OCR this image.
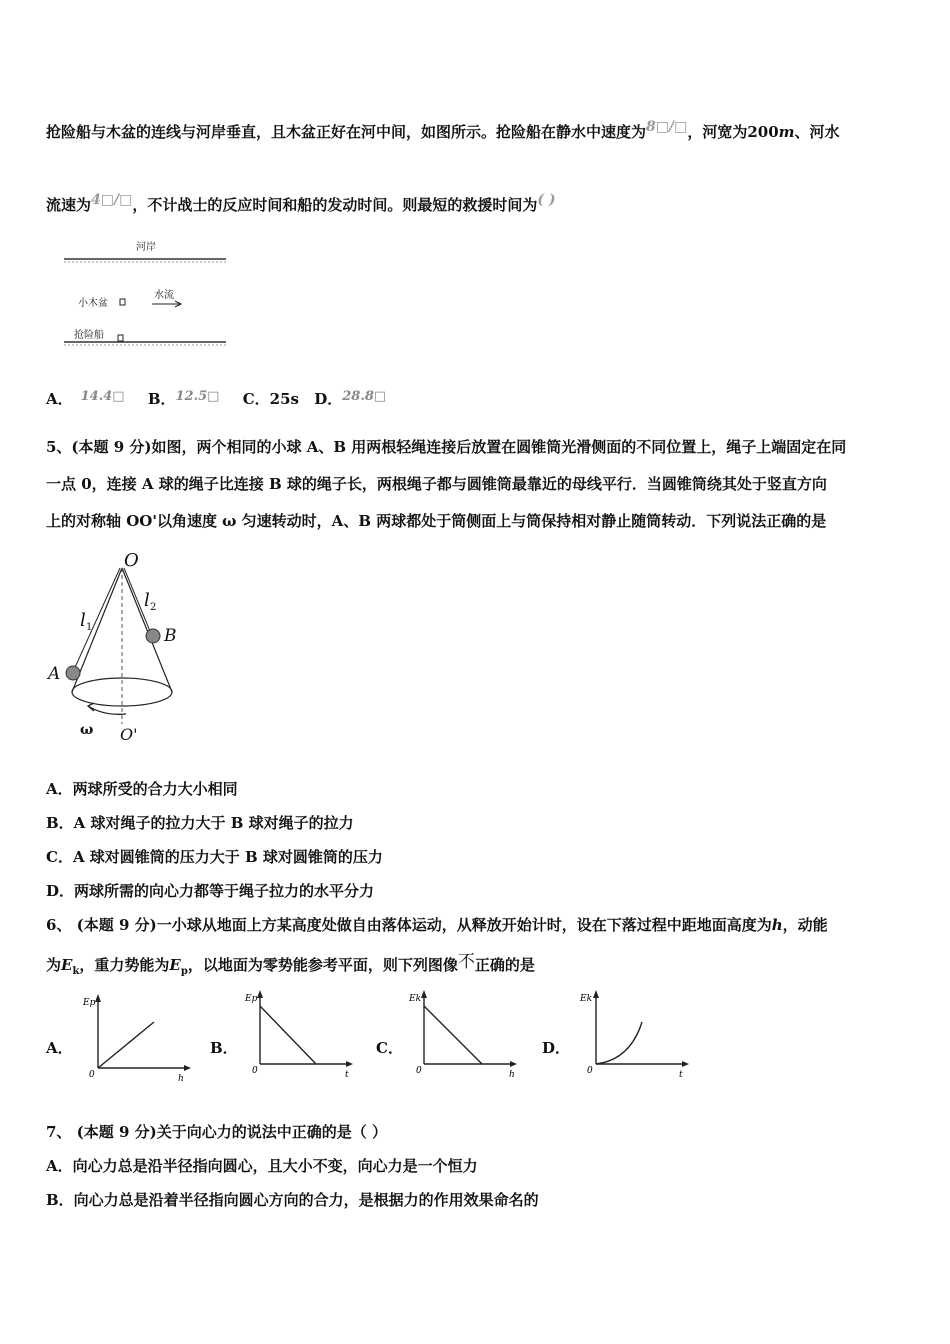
抢险船与木盆的连线与河岸垂直，且木盆正好在河中间，如图所示。抢险船在静水中速度为8□/□，河宽为200m、河水
流速为4□/□，不计战士的反应时间和船的发动时间。则最短的救援时间为( )
河岸
小木盆
水流
抢险船
A． 14.4□ B．12.5□ C．25s D．28.8□
5、(本题 9 分)如图，两个相同的小球 A、B 用两根轻绳连接后放置在圆锥筒光滑侧面的不同位置上，绳子上端固定在同
一点 0，连接 A 球的绳子比连接 B 球的绳子长，两根绳子都与圆锥筒最靠近的母线平行．当圆锥筒绕其处于竖直方向
上的对称轴 OO'以角速度 ω 匀速转动时，A、B 两球都处于筒侧面上与筒保持相对静止随筒转动．下列说法正确的是
O
A
B
l 1
l 2
ω O'
A．两球所受的合力大小相同
B．A 球对绳子的拉力大于 B 球对绳子的拉力
C．A 球对圆锥筒的压力大于 B 球对圆锥筒的压力
D．两球所需的向心力都等于绳子拉力的水平分力
6、 (本题 9 分)一小球从地面上方某高度处做自由落体运动，从释放开始计时，设在下落过程中距地面高度为h，动能
为$E_k$，重力势能为$E_p$，以地面为零势能参考平面，则下列图像不正确的是
A．
Ep
h
0
B．
Ep
t
0
C．
Ek
h
0
D．
Ek
t
0
7、 (本题 9 分)关于向心力的说法中正确的是（ ）
A．向心力总是沿半径指向圆心，且大小不变，向心力是一个恒力
B．向心力总是沿着半径指向圆心方向的合力，是根据力的作用效果命名的
